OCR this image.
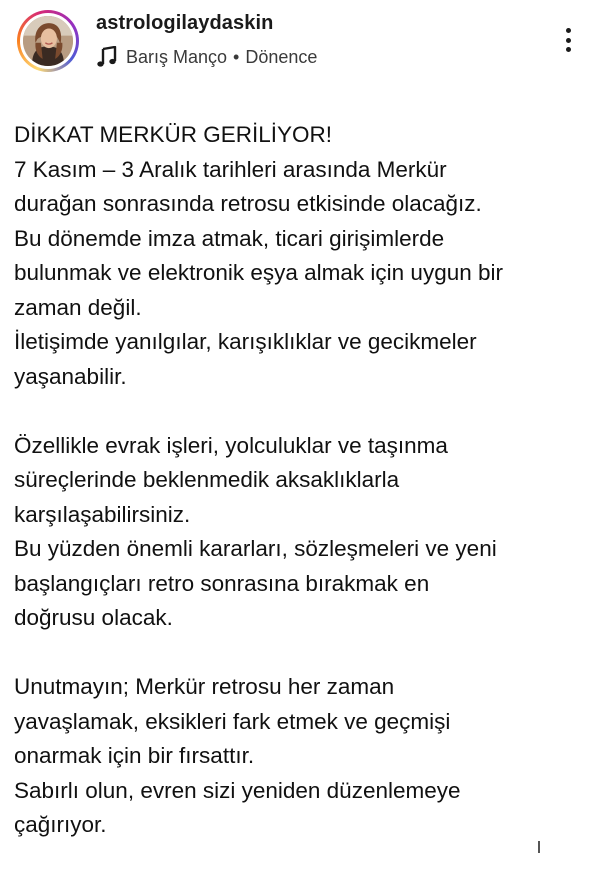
astrologilaydaskin
Barış Manço • Dönence

DİKKAT MERKÜR GERİLİYOR!

7 Kasım – 3 Aralık tarihleri arasında Merkür

durağan sonrasında retrosu etkisinde olacağız.

Bu dönemde imza atmak, ticari girişimlerde

bulunmak ve elektronik eşya almak için uygun bir

zaman değil.

İletişimde yanılgılar, karışıklıklar ve gecikmeler

yaşanabilir.

Özellikle evrak işleri, yolculuklar ve taşınma

süreçlerinde beklenmedik aksaklıklarla

karşılaşabilirsiniz.

Bu yüzden önemli kararları, sözleşmeleri ve yeni

başlangıçları retro sonrasına bırakmak en

doğrusu olacak.

Unutmayın; Merkür retrosu her zaman

yavaşlamak, eksikleri fark etmek ve geçmişi

onarmak için bir fırsattır.

Sabırlı olun, evren sizi yeniden düzenlemeye

çağırıyor.
